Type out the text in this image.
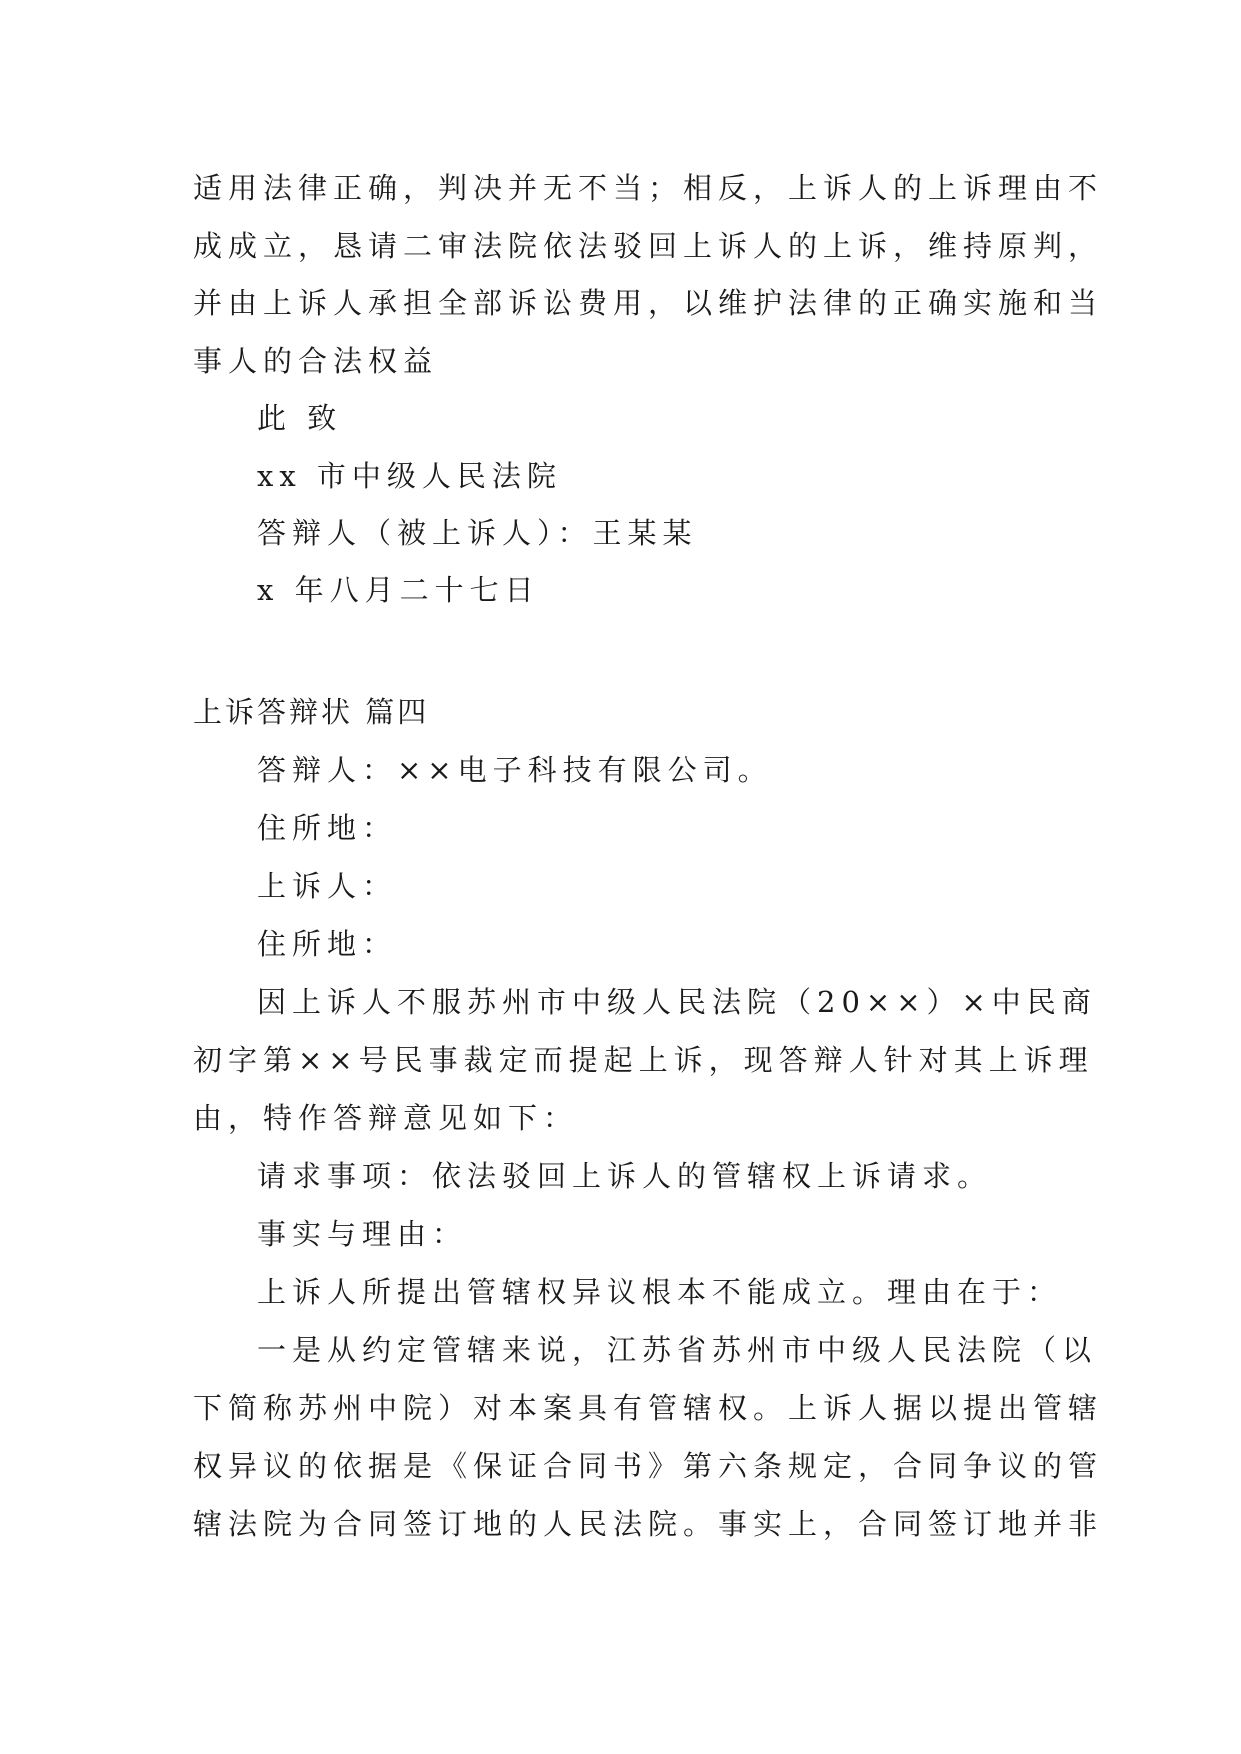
适用法律正确，判决并无不当；相反，上诉人的上诉理由不
成成立，恳请二审法院依法驳回上诉人的上诉，维持原判，
并由上诉人承担全部诉讼费用，以维护法律的正确实施和当
事人的合法权益
此 致
xx 市中级人民法院
答辩人（被上诉人）：王某某
x 年八月二十七日
上诉答辩状 篇四
答辩人：××电子科技有限公司。
住所地：
上诉人：
住所地：
因上诉人不服苏州市中级人民法院（20××）×中民商
初字第××号民事裁定而提起上诉，现答辩人针对其上诉理
由，特作答辩意见如下：
请求事项：依法驳回上诉人的管辖权上诉请求。
事实与理由：
上诉人所提出管辖权异议根本不能成立。理由在于：
一是从约定管辖来说，江苏省苏州市中级人民法院（以
下简称苏州中院）对本案具有管辖权。上诉人据以提出管辖
权异议的依据是《保证合同书》第六条规定，合同争议的管
辖法院为合同签订地的人民法院。事实上，合同签订地并非
